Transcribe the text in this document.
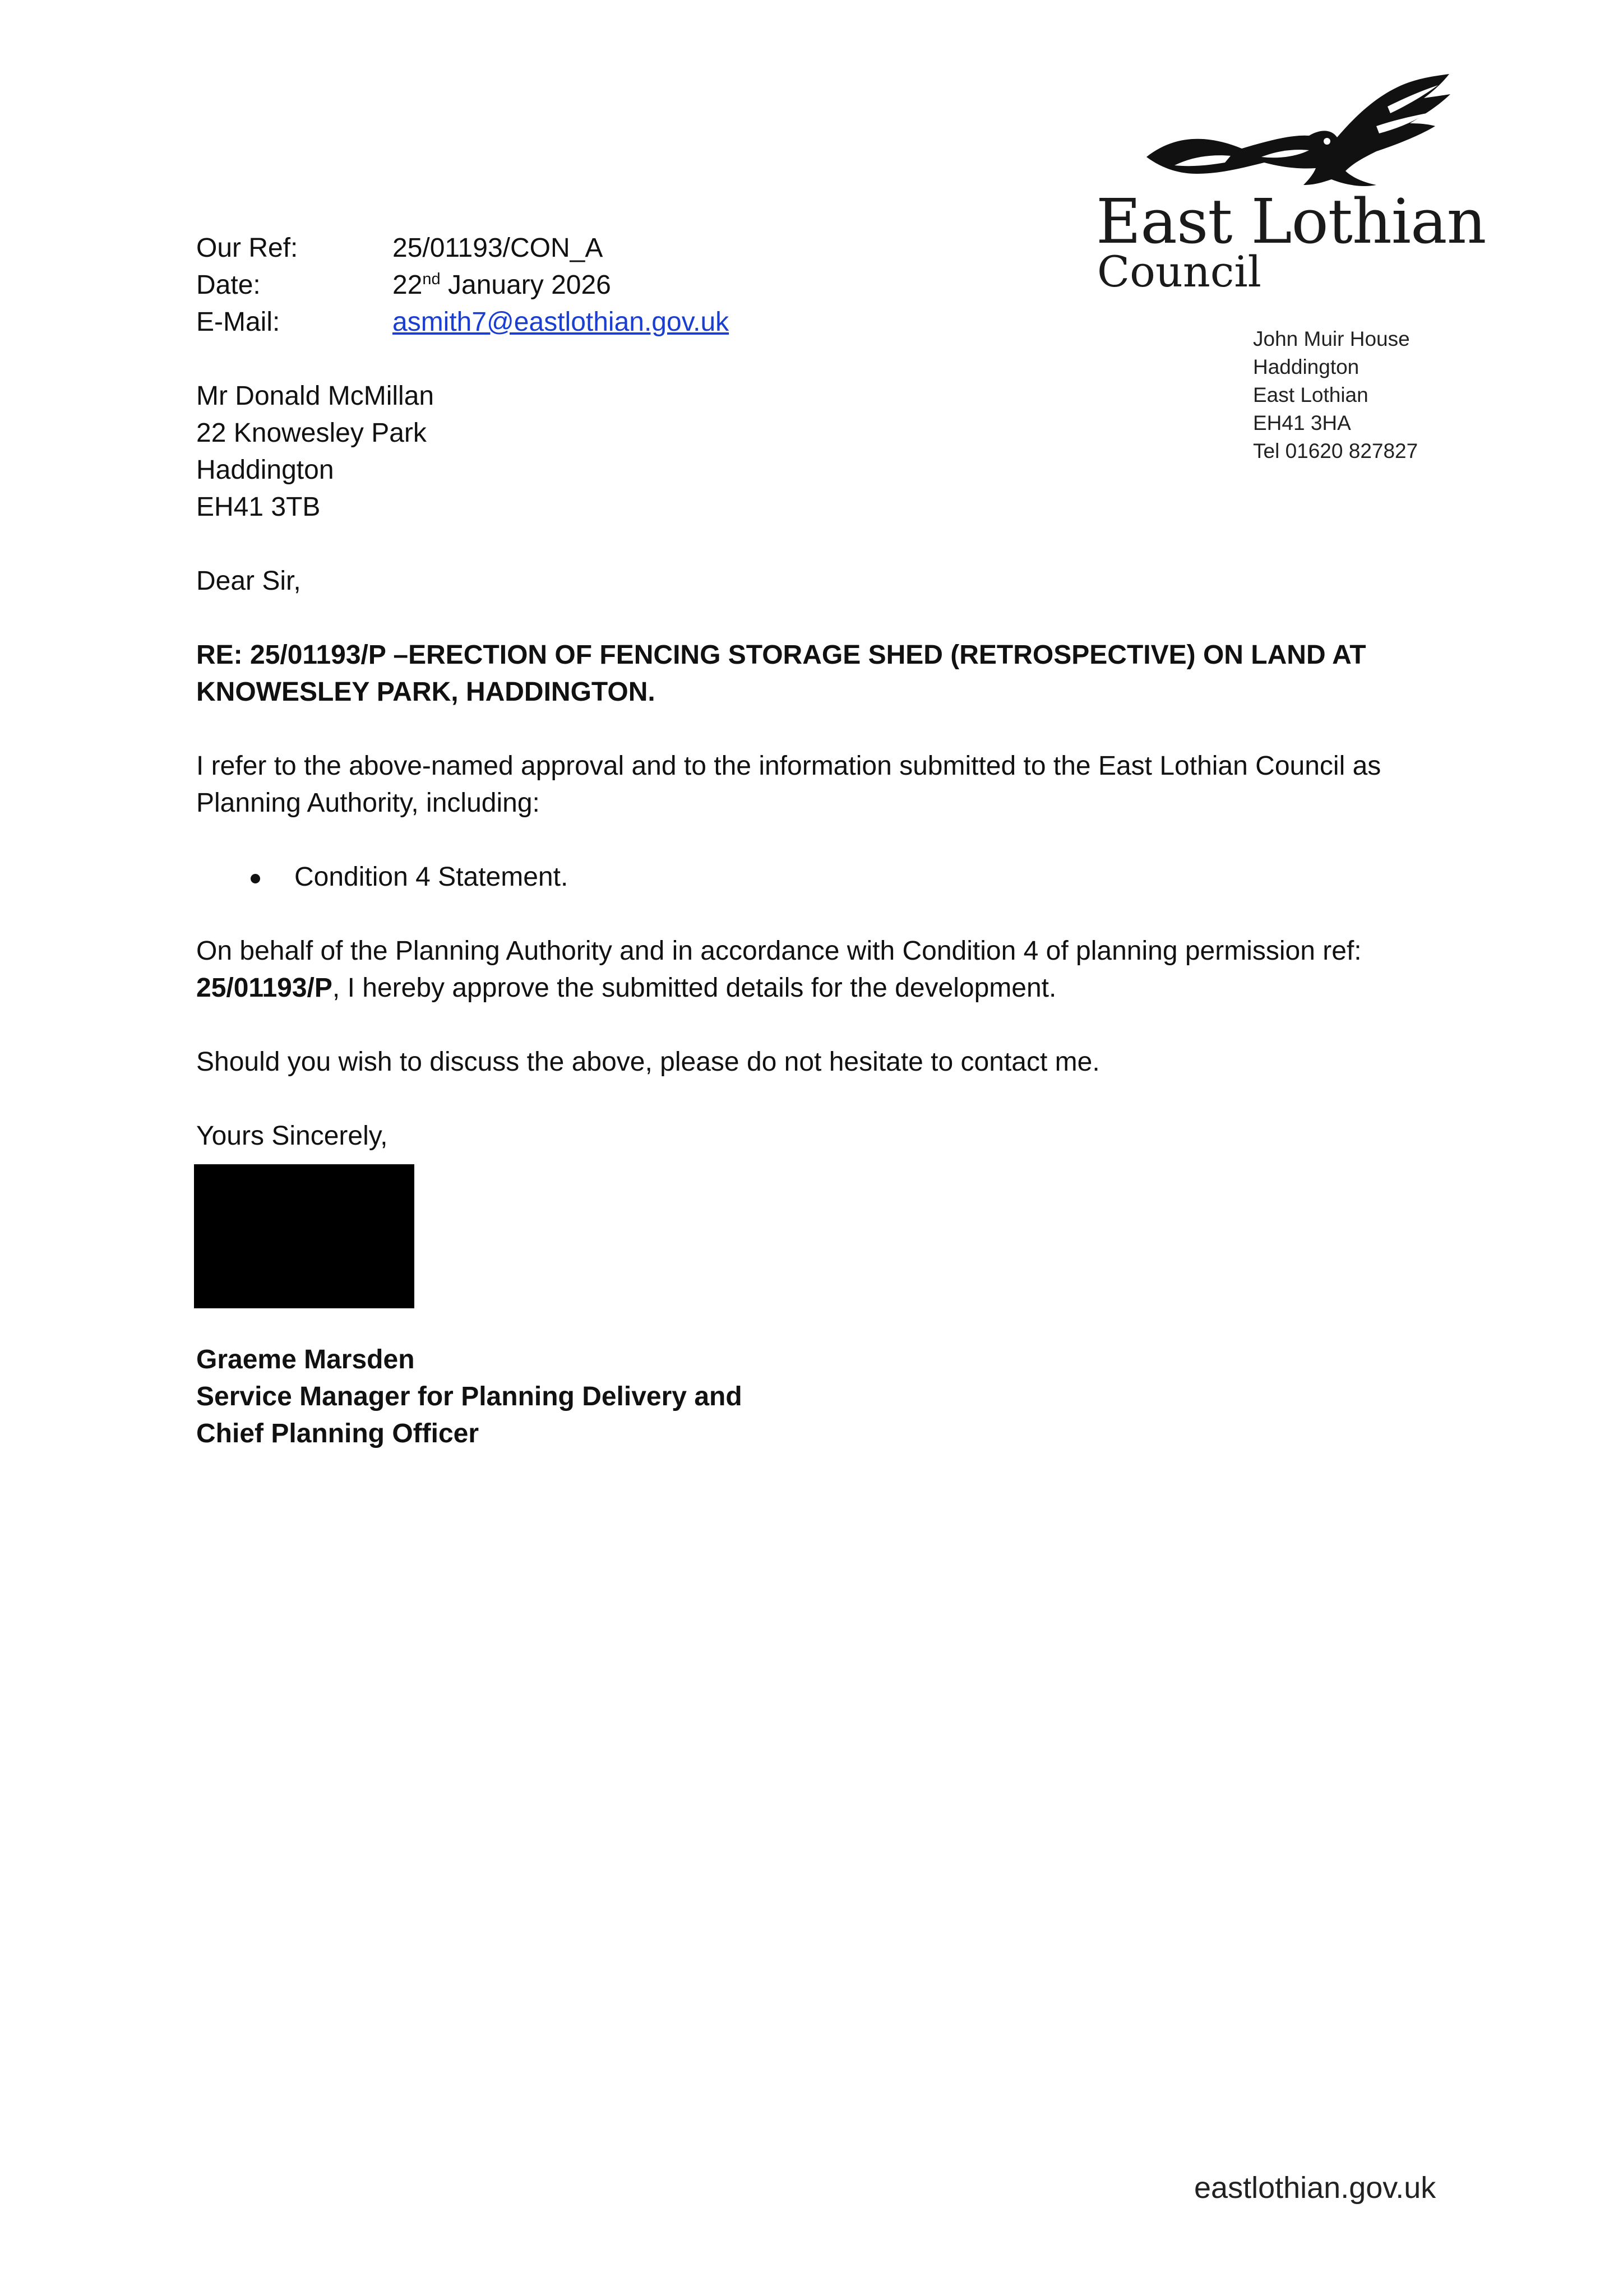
East Lothian
Council
John Muir House
Haddington
East Lothian
EH41 3HA
Tel 01620 827827
Our Ref:	25/01193/CON_A
Date:	22nd January 2026
E-Mail:	asmith7@eastlothian.gov.uk
Mr Donald McMillan
22 Knowesley Park
Haddington
EH41 3TB
Dear Sir,
RE: 25/01193/P –ERECTION OF FENCING STORAGE SHED (RETROSPECTIVE) ON LAND AT KNOWESLEY PARK, HADDINGTON.
I refer to the above-named approval and to the information submitted to the East Lothian Council as Planning Authority, including:
Condition 4 Statement.
On behalf of the Planning Authority and in accordance with Condition 4 of planning permission ref: 25/01193/P, I hereby approve the submitted details for the development.
Should you wish to discuss the above, please do not hesitate to contact me.
Yours Sincerely,
Graeme Marsden
Service Manager for Planning Delivery and
Chief Planning Officer
eastlothian.gov.uk
